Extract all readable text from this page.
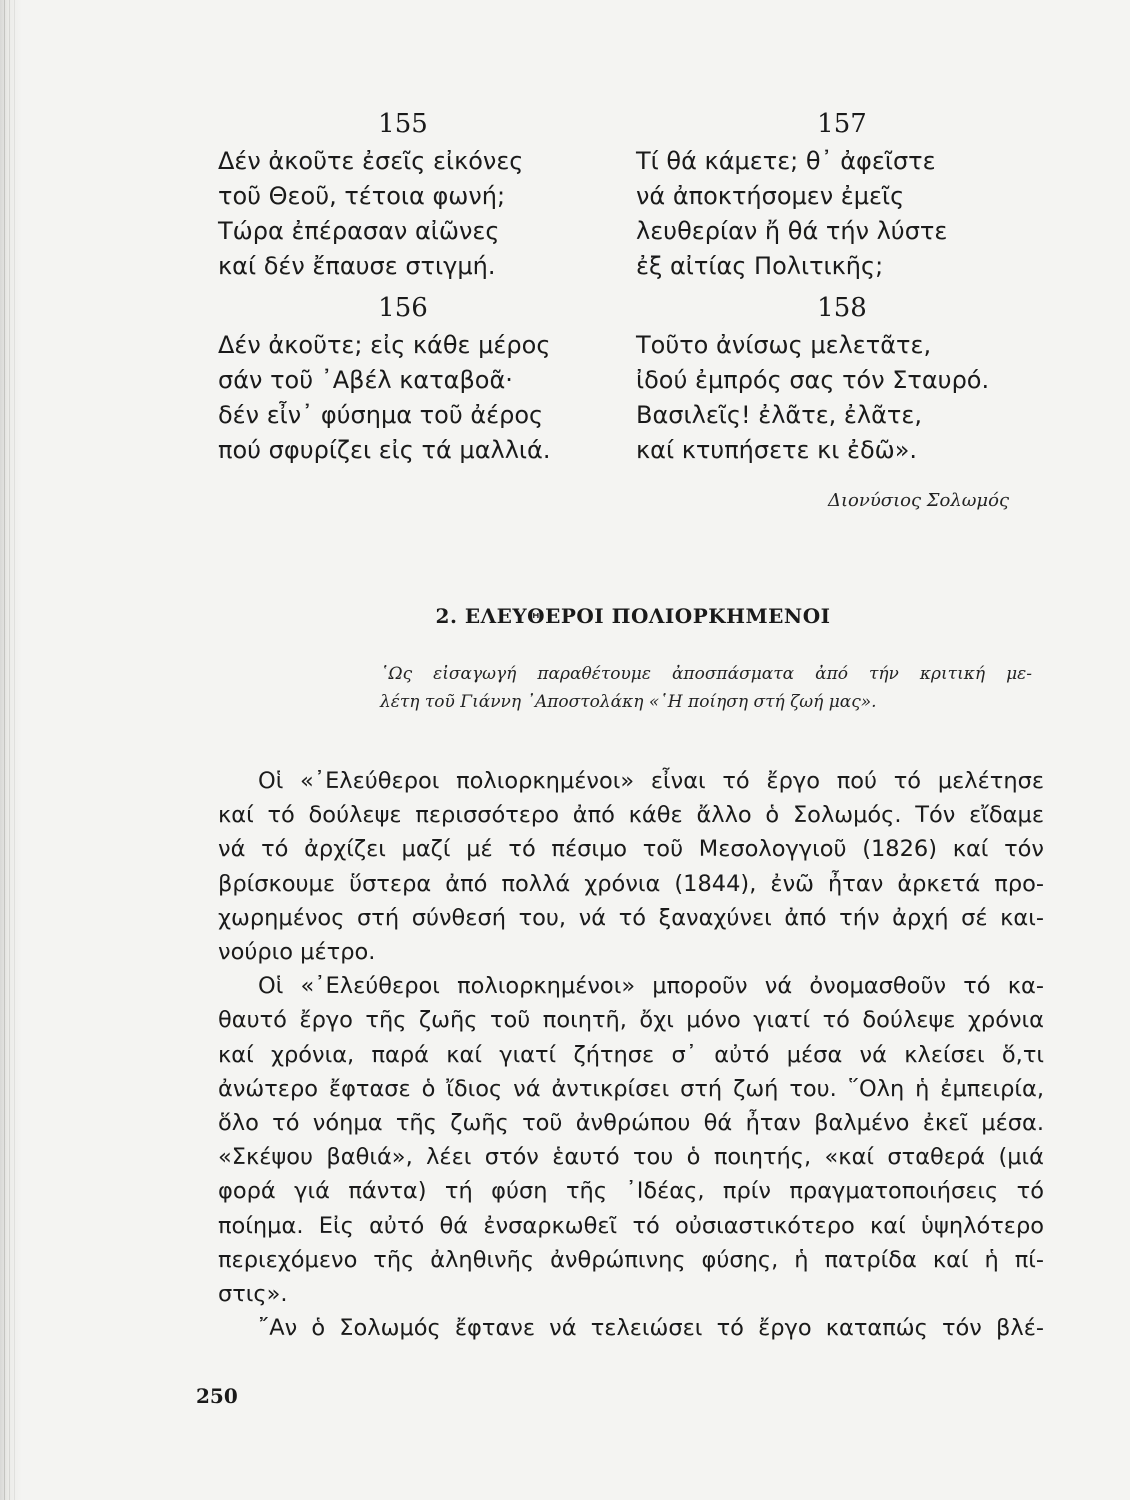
155
Δέν ἀκοῦτε ἐσεῖς εἰκόνες
τοῦ Θεοῦ, τέτοια φωνή;
Τώρα ἐπέρασαν αἰῶνες
καί δέν ἔπαυσε στιγμή.
156
Δέν ἀκοῦτε; εἰς κάθε μέρος
σάν τοῦ ᾿Αβέλ καταβοᾶ·
δέν εἶν᾿ φύσημα τοῦ ἀέρος
πού σφυρίζει εἰς τά μαλλιά.
157
Τί θά κάμετε; θ᾿ ἀφεῖστε
νά ἀποκτήσομεν ἐμεῖς
λευθερίαν ἤ θά τήν λύστε
ἐξ αἰτίας Πολιτικῆς;
158
Τοῦτο ἀνίσως μελετᾶτε,
ἰδού ἐμπρός σας τόν Σταυρό.
Βασιλεῖς! ἐλᾶτε, ἐλᾶτε,
καί κτυπήσετε κι ἐδῶ».
Διονύσιος Σολωμός
2. ΕΛΕΥΘΕΡΟΙ ΠΟΛΙΟΡΚΗΜΕΝΟΙ
῾Ως εἰσαγωγή παραθέτουμε ἀποσπάσματα ἀπό τήν κριτική με-
λέτη τοῦ Γιάννη ᾿Αποστολάκη «῾Η ποίηση στή ζωή μας».
Οἱ «᾿Ελεύθεροι πολιορκημένοι» εἶναι τό ἔργο πού τό μελέτησε
καί τό δούλεψε περισσότερο ἀπό κάθε ἄλλο ὁ Σολωμός. Τόν εἴδαμε
νά τό ἀρχίζει μαζί μέ τό πέσιμο τοῦ Μεσολογγιοῦ (1826) καί τόν
βρίσκουμε ὕστερα ἀπό πολλά χρόνια (1844), ἐνῶ ἦταν ἀρκετά προ-
χωρημένος στή σύνθεσή του, νά τό ξαναχύνει ἀπό τήν ἀρχή σέ και-
νούριο μέτρο.
Οἱ «᾿Ελεύθεροι πολιορκημένοι» μποροῦν νά ὀνομασθοῦν τό κα-
θαυτό ἔργο τῆς ζωῆς τοῦ ποιητῆ, ὄχι μόνο γιατί τό δούλεψε χρόνια
καί χρόνια, παρά καί γιατί ζήτησε σ᾿ αὐτό μέσα νά κλείσει ὅ,τι
ἀνώτερο ἔφτασε ὁ ἴδιος νά ἀντικρίσει στή ζωή του. ῞Ολη ἡ ἐμπειρία,
ὅλο τό νόημα τῆς ζωῆς τοῦ ἀνθρώπου θά ἦταν βαλμένο ἐκεῖ μέσα.
«Σκέψου βαθιά», λέει στόν ἑαυτό του ὁ ποιητής, «καί σταθερά (μιά
φορά γιά πάντα) τή φύση τῆς ᾿Ιδέας, πρίν πραγματοποιήσεις τό
ποίημα. Εἰς αὐτό θά ἐνσαρκωθεῖ τό οὐσιαστικότερο καί ὑψηλότερο
περιεχόμενο τῆς ἀληθινῆς ἀνθρώπινης φύσης, ἡ πατρίδα καί ἡ πί-
στις».
῎Αν ὁ Σολωμός ἔφτανε νά τελειώσει τό ἔργο καταπώς τόν βλέ-
250
